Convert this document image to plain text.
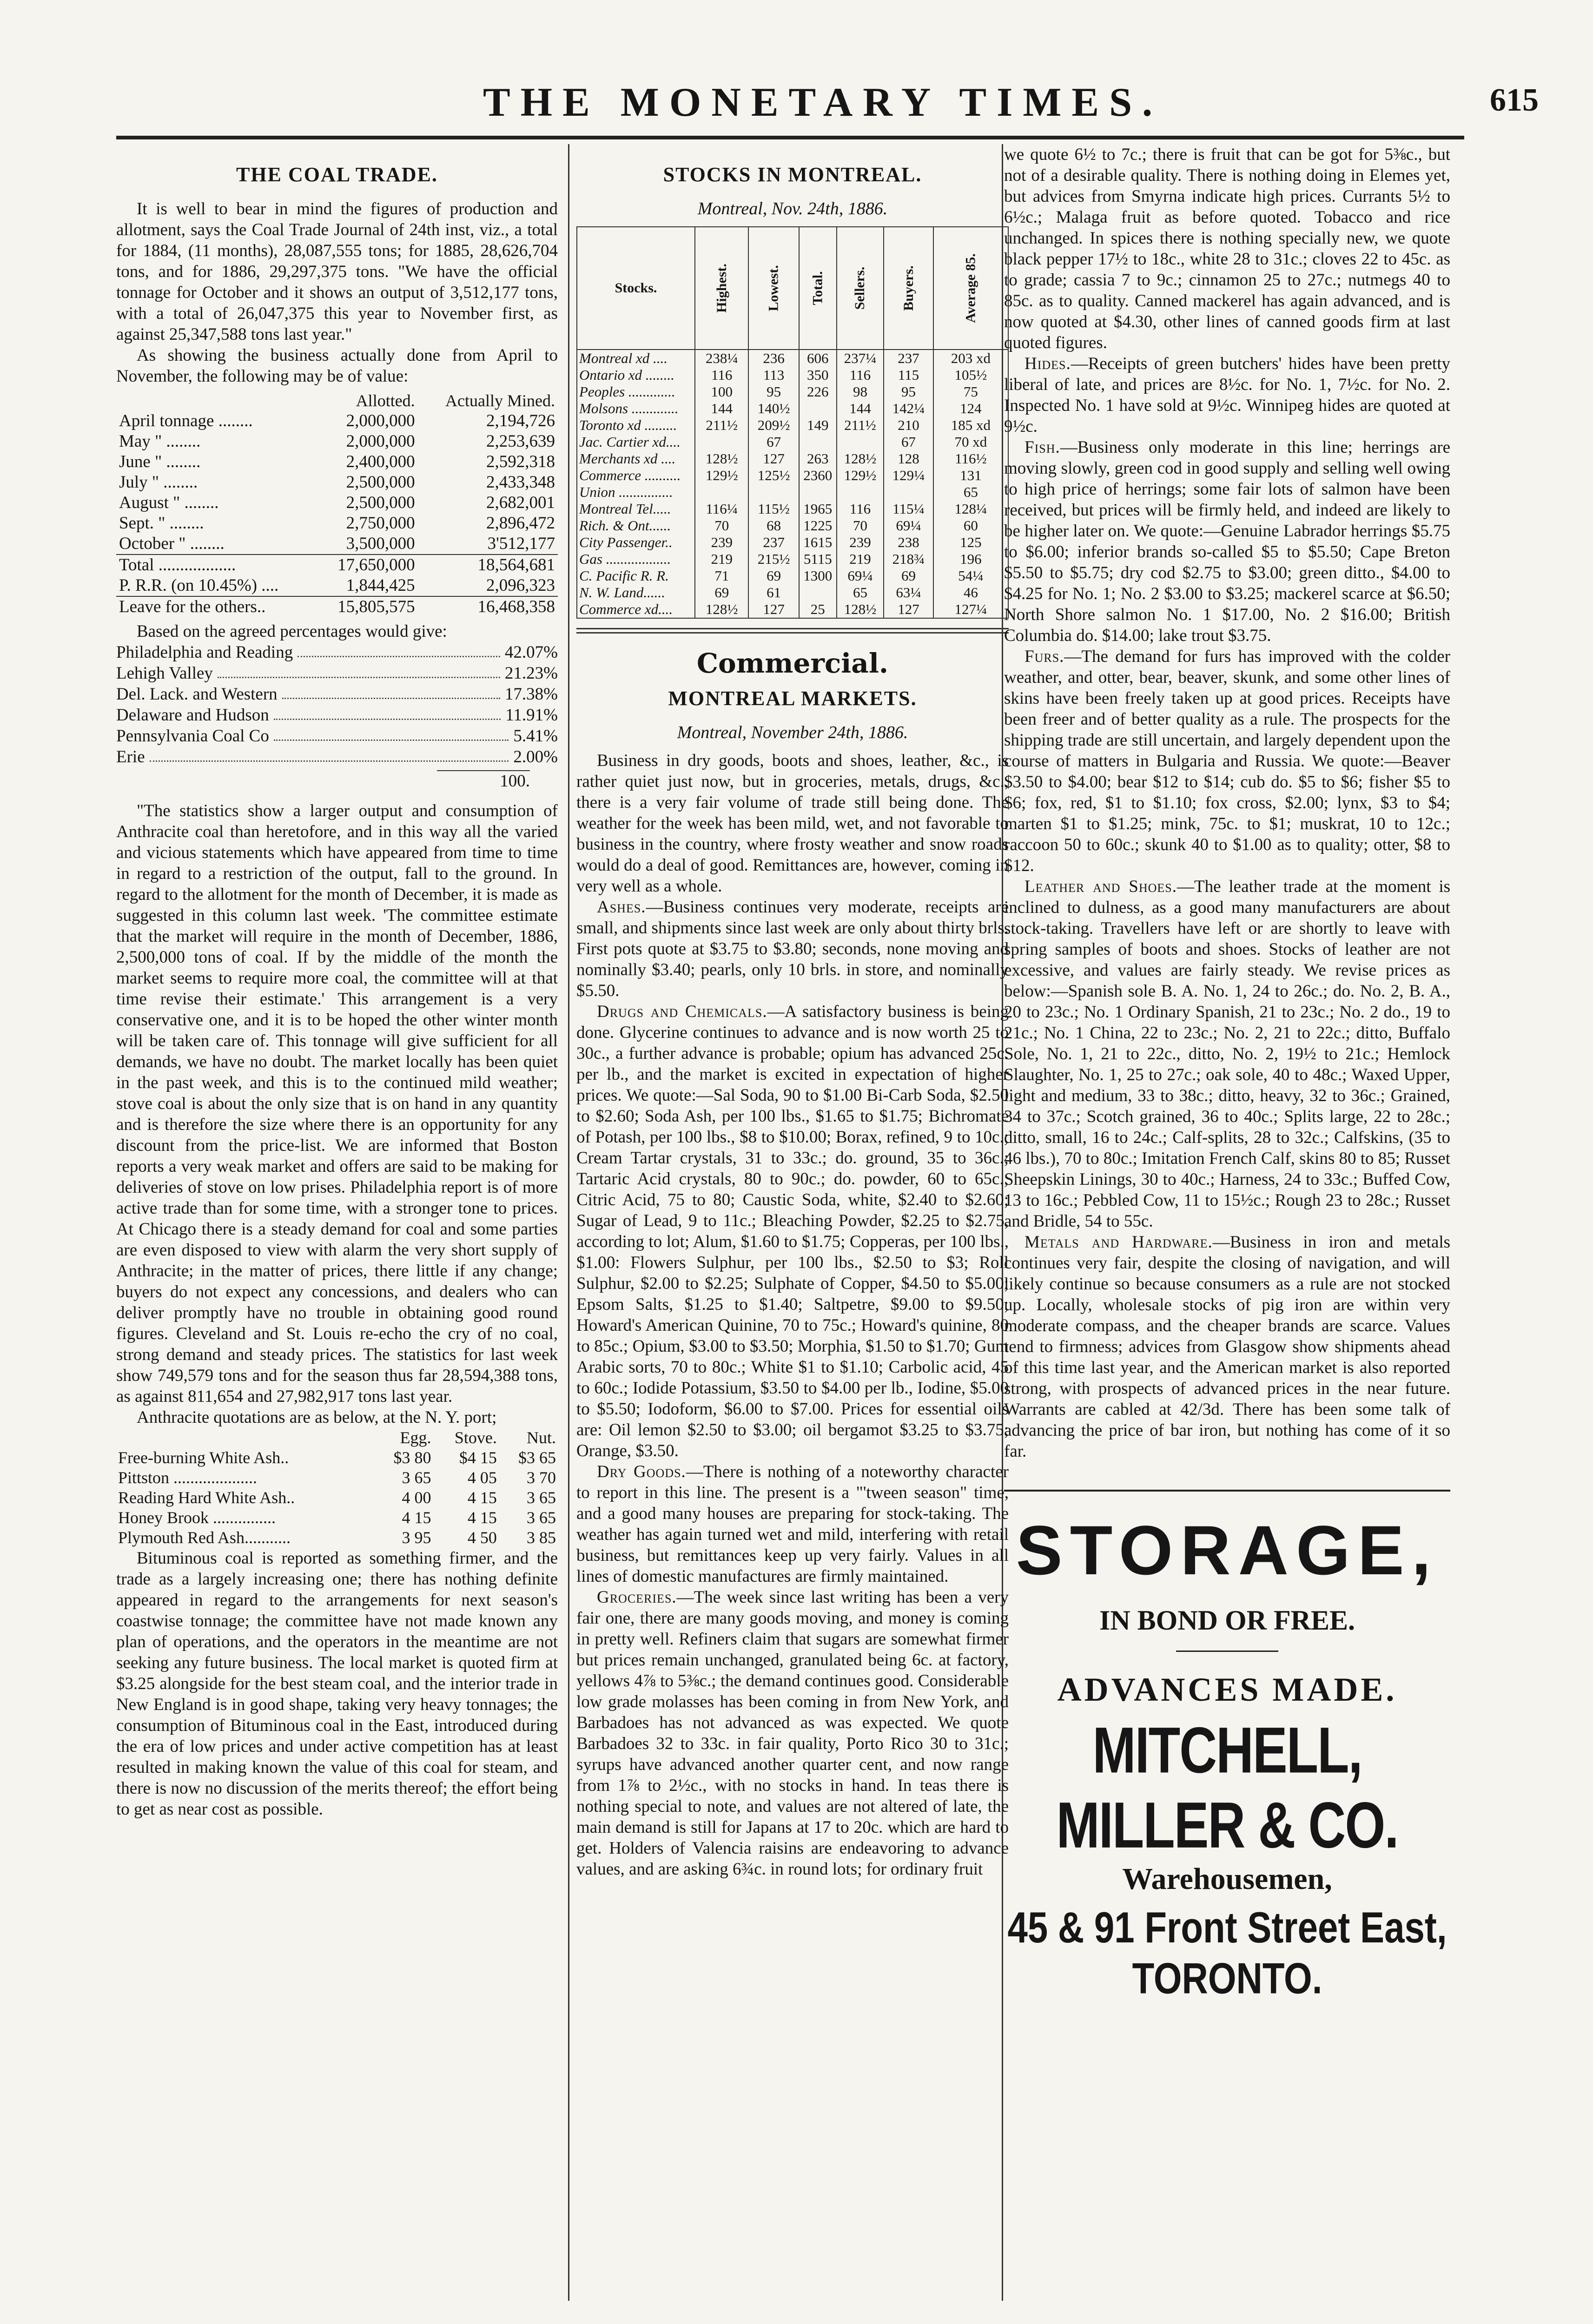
THE MONETARY TIMES.	615
THE COAL TRADE.

It is well to bear in mind the figures of production and allotment, says the Coal Trade Journal of 24th inst, viz., a total for 1884, (11 months), 28,087,555 tons; for 1885, 28,626,704 tons, and for 1886, 29,297,375 tons. "We have the official tonnage for October and it shows an output of 3,512,177 tons, with a total of 26,047,375 this year to November first, as against 25,347,588 tons last year."

As showing the business actually done from April to November, the following may be of value:

	Allotted.	Actually Mined.
April tonnage ........	2,000,000	2,194,726
May " ........	2,000,000	2,253,639
June " ........	2,400,000	2,592,318
July " ........	2,500,000	2,433,348
August " ........	2,500,000	2,682,001
Sept. " ........	2,750,000	2,896,472
October " ........	3,500,000	3'512,177
Total ..................	17,650,000	18,564,681
P. R.R. (on 10.45%) ....	1,844,425	2,096,323
Leave for the others..	15,805,575	16,468,358

Based on the agreed percentages would give:

Philadelphia and Reading	42.07%
Lehigh Valley	21.23%
Del. Lack. and Western	17.38%
Delaware and Hudson	11.91%
Pennsylvania Coal Co	5.41%
Erie	2.00%
100.

"The statistics show a larger output and consumption of Anthracite coal than heretofore, and in this way all the varied and vicious statements which have appeared from time to time in regard to a restriction of the output, fall to the ground. In regard to the allotment for the month of December, it is made as suggested in this column last week. 'The committee estimate that the market will require in the month of December, 1886, 2,500,000 tons of coal. If by the middle of the month the market seems to require more coal, the committee will at that time revise their estimate.' This arrangement is a very conservative one, and it is to be hoped the other winter month will be taken care of. This tonnage will give sufficient for all demands, we have no doubt. The market locally has been quiet in the past week, and this is to the continued mild weather; stove coal is about the only size that is on hand in any quantity and is therefore the size where there is an opportunity for any discount from the price-list. We are informed that Boston reports a very weak market and offers are said to be making for deliveries of stove on low prises. Philadelphia report is of more active trade than for some time, with a stronger tone to prices. At Chicago there is a steady demand for coal and some parties are even disposed to view with alarm the very short supply of Anthracite; in the matter of prices, there little if any change; buyers do not expect any concessions, and dealers who can deliver promptly have no trouble in obtaining good round figures. Cleveland and St. Louis re-echo the cry of no coal, strong demand and steady prices. The statistics for last week show 749,579 tons and for the season thus far 28,594,388 tons, as against 811,654 and 27,982,917 tons last year.

Anthracite quotations are as below, at the N. Y. port;

	Egg.	Stove.	Nut.
Free-burning White Ash..	$3 80	$4 15	$3 65
Pittston ....................	3 65	4 05	3 70
Reading Hard White Ash..	4 00	4 15	3 65
Honey Brook ...............	4 15	4 15	3 65
Plymouth Red Ash...........	3 95	4 50	3 85

Bituminous coal is reported as something firmer, and the trade as a largely increasing one; there has nothing definite appeared in regard to the arrangements for next season's coastwise tonnage; the committee have not made known any plan of operations, and the operators in the meantime are not seeking any future business. The local market is quoted firm at $3.25 alongside for the best steam coal, and the interior trade in New England is in good shape, taking very heavy tonnages; the consumption of Bituminous coal in the East, introduced during the era of low prices and under active competition has at least resulted in making known the value of this coal for steam, and there is now no discussion of the merits thereof; the effort being to get as near cost as possible.

STOCKS IN MONTREAL.
Montreal, Nov. 24th, 1886.
Stocks.	Highest.	Lowest.	Total.	Sellers.	Buyers.	Average 85.
Montreal xd ....	238¼	236	606	237¼	237	203 xd
Ontario xd ........	116	113	350	116	115	105½
Peoples .............	100	95	226	98	95	75
Molsons .............	144	140½		144	142¼	124
Toronto xd .........	211½	209½	149	211½	210	185 xd
Jac. Cartier xd....		67			67	70 xd
Merchants xd ....	128½	127	263	128½	128	116½
Commerce ..........	129½	125½	2360	129½	129¼	131
Union ...............						65
Montreal Tel.....	116¼	115½	1965	116	115¼	128¼
Rich. & Ont......	70	68	1225	70	69¼	60
City Passenger..	239	237	1615	239	238	125
Gas ..................	219	215½	5115	219	218¾	196
C. Pacific R. R.	71	69	1300	69¼	69	54¼
N. W. Land......	69	61		65	63¼	46
Commerce xd....	128½	127	25	128½	127	127¼
Commercial.
MONTREAL MARKETS.
Montreal, November 24th, 1886.

Business in dry goods, boots and shoes, leather, &c., is rather quiet just now, but in groceries, metals, drugs, &c., there is a very fair volume of trade still being done. The weather for the week has been mild, wet, and not favorable to business in the country, where frosty weather and snow roads would do a deal of good. Remittances are, however, coming in very well as a whole.

Ashes.—Business continues very moderate, receipts are small, and shipments since last week are only about thirty brls. First pots quote at $3.75 to $3.80; seconds, none moving and nominally $3.40; pearls, only 10 brls. in store, and nominally $5.50.

Drugs and Chemicals.—A satisfactory business is being done. Glycerine continues to advance and is now worth 25 to 30c., a further advance is probable; opium has advanced 25c. per lb., and the market is excited in expectation of higher prices. We quote:—Sal Soda, 90 to $1.00 Bi-Carb Soda, $2.50 to $2.60; Soda Ash, per 100 lbs., $1.65 to $1.75; Bichromate of Potash, per 100 lbs., $8 to $10.00; Borax, refined, 9 to 10c.; Cream Tartar crystals, 31 to 33c.; do. ground, 35 to 36c.; Tartaric Acid crystals, 80 to 90c.; do. powder, 60 to 65c.; Citric Acid, 75 to 80; Caustic Soda, white, $2.40 to $2.60; Sugar of Lead, 9 to 11c.; Bleaching Powder, $2.25 to $2.75, according to lot; Alum, $1.60 to $1.75; Copperas, per 100 lbs., $1.00: Flowers Sulphur, per 100 lbs., $2.50 to $3; Roll Sulphur, $2.00 to $2.25; Sulphate of Copper, $4.50 to $5.00; Epsom Salts, $1.25 to $1.40; Saltpetre, $9.00 to $9.50; Howard's American Quinine, 70 to 75c.; Howard's quinine, 80 to 85c.; Opium, $3.00 to $3.50; Morphia, $1.50 to $1.70; Gum Arabic sorts, 70 to 80c.; White $1 to $1.10; Carbolic acid, 45 to 60c.; Iodide Potassium, $3.50 to $4.00 per lb., Iodine, $5.00 to $5.50; Iodoform, $6.00 to $7.00. Prices for essential oils are: Oil lemon $2.50 to $3.00; oil bergamot $3.25 to $3.75; Orange, $3.50.

Dry Goods.—There is nothing of a noteworthy character to report in this line. The present is a "'tween season" time, and a good many houses are preparing for stock-taking. The weather has again turned wet and mild, interfering with retail business, but remittances keep up very fairly. Values in all lines of domestic manufactures are firmly maintained.

Groceries.—The week since last writing has been a very fair one, there are many goods moving, and money is coming in pretty well. Refiners claim that sugars are somewhat firmer but prices remain unchanged, granulated being 6c. at factory, yellows 4⅞ to 5⅜c.; the demand continues good. Considerable low grade molasses has been coming in from New York, and Barbadoes has not advanced as was expected. We quote Barbadoes 32 to 33c. in fair quality, Porto Rico 30 to 31c.; syrups have advanced another quarter cent, and now range from 1⅞ to 2½c., with no stocks in hand. In teas there is nothing special to note, and values are not altered of late, the main demand is still for Japans at 17 to 20c. which are hard to get. Holders of Valencia raisins are endeavoring to advance values, and are asking 6¾c. in round lots; for ordinary fruit

we quote 6½ to 7c.; there is fruit that can be got for 5⅜c., but not of a desirable quality. There is nothing doing in Elemes yet, but advices from Smyrna indicate high prices. Currants 5½ to 6½c.; Malaga fruit as before quoted. Tobacco and rice unchanged. In spices there is nothing specially new, we quote black pepper 17½ to 18c., white 28 to 31c.; cloves 22 to 45c. as to grade; cassia 7 to 9c.; cinnamon 25 to 27c.; nutmegs 40 to 85c. as to quality. Canned mackerel has again advanced, and is now quoted at $4.30, other lines of canned goods firm at last quoted figures.

Hides.—Receipts of green butchers' hides have been pretty liberal of late, and prices are 8½c. for No. 1, 7½c. for No. 2. Inspected No. 1 have sold at 9½c. Winnipeg hides are quoted at 9½c.

Fish.—Business only moderate in this line; herrings are moving slowly, green cod in good supply and selling well owing to high price of herrings; some fair lots of salmon have been received, but prices will be firmly held, and indeed are likely to be higher later on. We quote:—Genuine Labrador herrings $5.75 to $6.00; inferior brands so-called $5 to $5.50; Cape Breton $5.50 to $5.75; dry cod $2.75 to $3.00; green ditto., $4.00 to $4.25 for No. 1; No. 2 $3.00 to $3.25; mackerel scarce at $6.50; North Shore salmon No. 1 $17.00, No. 2 $16.00; British Columbia do. $14.00; lake trout $3.75.

Furs.—The demand for furs has improved with the colder weather, and otter, bear, beaver, skunk, and some other lines of skins have been freely taken up at good prices. Receipts have been freer and of better quality as a rule. The prospects for the shipping trade are still uncertain, and largely dependent upon the course of matters in Bulgaria and Russia. We quote:—Beaver $3.50 to $4.00; bear $12 to $14; cub do. $5 to $6; fisher $5 to $6; fox, red, $1 to $1.10; fox cross, $2.00; lynx, $3 to $4; marten $1 to $1.25; mink, 75c. to $1; muskrat, 10 to 12c.; raccoon 50 to 60c.; skunk 40 to $1.00 as to quality; otter, $8 to $12.

Leather and Shoes.—The leather trade at the moment is inclined to dulness, as a good many manufacturers are about stock-taking. Travellers have left or are shortly to leave with spring samples of boots and shoes. Stocks of leather are not excessive, and values are fairly steady. We revise prices as below:—Spanish sole B. A. No. 1, 24 to 26c.; do. No. 2, B. A., 20 to 23c.; No. 1 Ordinary Spanish, 21 to 23c.; No. 2 do., 19 to 21c.; No. 1 China, 22 to 23c.; No. 2, 21 to 22c.; ditto, Buffalo Sole, No. 1, 21 to 22c., ditto, No. 2, 19½ to 21c.; Hemlock Slaughter, No. 1, 25 to 27c.; oak sole, 40 to 48c.; Waxed Upper, light and medium, 33 to 38c.; ditto, heavy, 32 to 36c.; Grained, 34 to 37c.; Scotch grained, 36 to 40c.; Splits large, 22 to 28c.; ditto, small, 16 to 24c.; Calf-splits, 28 to 32c.; Calfskins, (35 to 46 lbs.), 70 to 80c.; Imitation French Calf, skins 80 to 85; Russet Sheepskin Linings, 30 to 40c.; Harness, 24 to 33c.; Buffed Cow, 13 to 16c.; Pebbled Cow, 11 to 15½c.; Rough 23 to 28c.; Russet and Bridle, 54 to 55c.

Metals and Hardware.—Business in iron and metals continues very fair, despite the closing of navigation, and will likely continue so because consumers as a rule are not stocked up. Locally, wholesale stocks of pig iron are within very moderate compass, and the cheaper brands are scarce. Values tend to firmness; advices from Glasgow show shipments ahead of this time last year, and the American market is also reported strong, with prospects of advanced prices in the near future. Warrants are cabled at 42/3d. There has been some talk of advancing the price of bar iron, but nothing has come of it so far.

STORAGE,
IN BOND OR FREE.
ADVANCES MADE.
MITCHELL, MILLER & CO.
Warehousemen,
45 & 91 Front Street East, TORONTO.
